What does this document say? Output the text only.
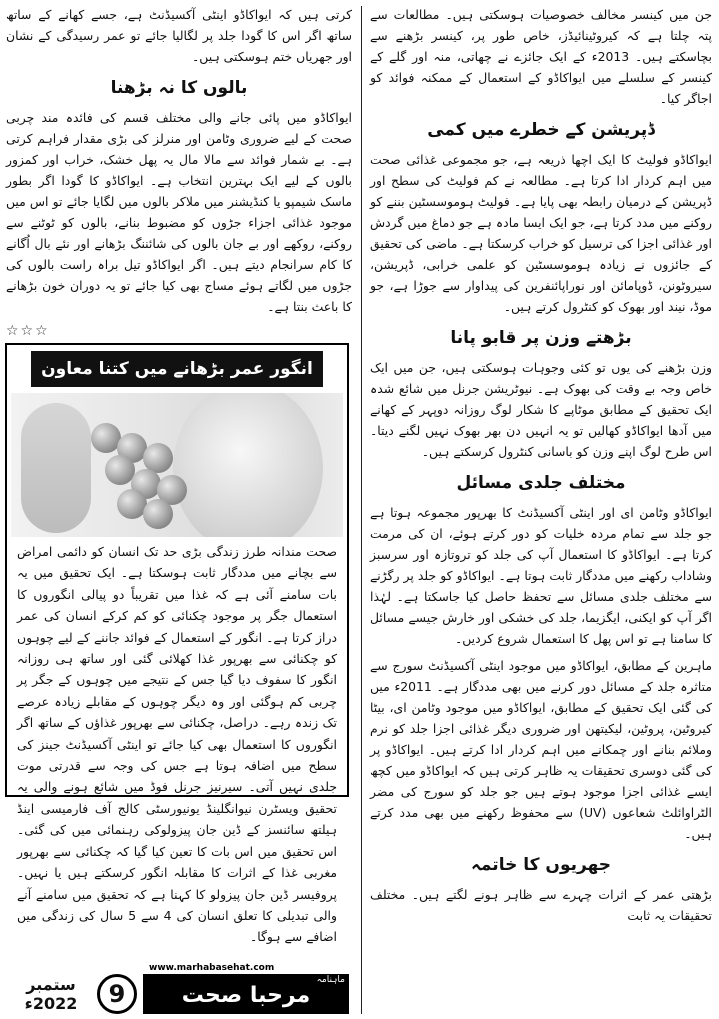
جن میں کینسر مخالف خصوصیات ہوسکتی ہیں۔ مطالعات سے پتہ چلتا ہے کہ کیروٹینائیڈز، خاص طور پر، کینسر بڑھنے سے بچاسکتے ہیں۔ 2013ء کے ایک جائزے نے چھاتی، منہ اور گلے کے کینسر کے سلسلے میں ایواکاڈو کے استعمال کے ممکنہ فوائد کو اجاگر کیا۔

ڈپریشن کے خطرے میں کمی

ایواکاڈو فولیٹ کا ایک اچھا ذریعہ ہے، جو مجموعی غذائی صحت میں اہم کردار ادا کرتا ہے۔ مطالعہ نے کم فولیٹ کی سطح اور ڈپریشن کے درمیان رابطہ بھی پایا ہے۔ فولیٹ ہوموسسٹین بننے کو روکنے میں مدد کرتا ہے، جو ایک ایسا مادہ ہے جو دماغ میں گردش اور غذائی اجزا کی ترسیل کو خراب کرسکتا ہے۔ ماضی کی تحقیق کے جائزوں نے زیادہ ہوموسسٹین کو علمی خرابی، ڈپریشن، سیروٹونن، ڈوپامائن اور نوراپائنفرین کی پیداوار سے جوڑا ہے، جو موڈ، نیند اور بھوک کو کنٹرول کرتے ہیں۔

بڑھتے وزن پر قابو پانا

وزن بڑھنے کی یوں تو کئی وجوہات ہوسکتی ہیں، جن میں ایک خاص وجہ بے وقت کی بھوک ہے۔ نیوٹریشن جرنل میں شائع شدہ ایک تحقیق کے مطابق موٹاپے کا شکار لوگ روزانہ دوپہر کے کھانے میں آدھا ایواکاڈو کھالیں تو یہ انہیں دن بھر بھوک نہیں لگنے دیتا۔ اس طرح لوگ اپنے وزن کو باسانی کنٹرول کرسکتے ہیں۔

مختلف جلدی مسائل

ایواکاڈو وٹامن ای اور اینٹی آکسیڈنٹ کا بھرپور مجموعہ ہوتا ہے جو جلد سے تمام مردہ خلیات کو دور کرتے ہوئے، ان کی مرمت کرتا ہے۔ ایواکاڈو کا استعمال آپ کی جلد کو تروتازہ اور سرسبز وشاداب رکھنے میں مددگار ثابت ہوتا ہے۔ ایواکاڈو کو جلد پر رگڑنے سے مختلف جلدی مسائل سے تحفظ حاصل کیا جاسکتا ہے۔ لہٰذا اگر آپ کو ایکنی، ایگزیما، جلد کی خشکی اور خارش جیسے مسائل کا سامنا ہے تو اس پھل کا استعمال شروع کردیں۔

ماہرین کے مطابق، ایواکاڈو میں موجود اینٹی آکسیڈنٹ سورج سے متاثرہ جلد کے مسائل دور کرنے میں بھی مددگار ہے۔ 2011ء میں کی گئی ایک تحقیق کے مطابق، ایواکاڈو میں موجود وٹامن ای، بیٹا کیروٹین، پروٹین، لیکیتھن اور ضروری دیگر غذائی اجزا جلد کو نرم وملائم بنانے اور چمکانے میں اہم کردار ادا کرتے ہیں۔ ایواکاڈو پر کی گئی دوسری تحقیقات یہ ظاہر کرتی ہیں کہ ایواکاڈو میں کچھ ایسے غذائی اجزا موجود ہوتے ہیں جو جلد کو سورج کی مضر الٹراوائلٹ شعاعوں (UV) سے محفوظ رکھنے میں بھی مدد کرتے ہیں۔

جھریوں کا خاتمہ

بڑھتی عمر کے اثرات چہرے سے ظاہر ہونے لگتے ہیں۔ مختلف تحقیقات یہ ثابت

کرتی ہیں کہ ایواکاڈو اینٹی آکسیڈنٹ ہے، جسے کھانے کے ساتھ ساتھ اگر اس کا گودا جلد پر لگالیا جائے تو عمر رسیدگی کے نشان اور جھریاں ختم ہوسکتی ہیں۔

بالوں کا نہ بڑھنا

ایواکاڈو میں پائی جانے والی مختلف قسم کی فائدہ مند چربی صحت کے لیے ضروری وٹامن اور منرلز کی بڑی مقدار فراہم کرتی ہے۔ بے شمار فوائد سے مالا مال یہ پھل خشک، خراب اور کمزور بالوں کے لیے ایک بہترین انتخاب ہے۔ ایواکاڈو کا گودا اگر بطور ماسک شیمپو یا کنڈیشنر میں ملاکر بالوں میں لگایا جائے تو اس میں موجود غذائی اجزاء جڑوں کو مضبوط بنانے، بالوں کو ٹوٹنے سے روکنے، روکھے اور بے جان بالوں کی شائننگ بڑھانے اور نئے بال اُگانے کا کام سرانجام دیتے ہیں۔ اگر ایواکاڈو تیل براہ راست بالوں کی جڑوں میں لگاتے ہوئے مساج بھی کیا جائے تو یہ دوران خون بڑھانے کا باعث بنتا ہے۔

☆☆☆
انگور عمر بڑھانے میں کتنا معاون

صحت مندانہ طرز زندگی بڑی حد تک انسان کو دائمی امراض سے بچانے میں مددگار ثابت ہوسکتا ہے۔ ایک تحقیق میں یہ بات سامنے آئی ہے کہ غذا میں تقریباً دو پیالی انگوروں کا استعمال جگر پر موجود چکنائی کو کم کرکے انسان کی عمر دراز کرتا ہے۔ انگور کے استعمال کے فوائد جاننے کے لیے چوہوں کو چکنائی سے بھرپور غذا کھلائی گئی اور ساتھ ہی روزانہ انگور کا سفوف دیا گیا جس کے نتیجے میں چوہوں کے جگر پر چربی کم ہوگئی اور وہ دیگر چوہوں کے مقابلے زیادہ عرصے تک زندہ رہے۔ دراصل، چکنائی سے بھرپور غذاؤں کے ساتھ اگر انگوروں کا استعمال بھی کیا جائے تو اینٹی آکسیڈنٹ جینز کی سطح میں اضافہ ہوتا ہے جس کی وجہ سے قدرتی موت جلدی نہیں آتی۔ سیرنیز جرنل فوڈ میں شائع ہونے والی یہ تحقیق ویسٹرن نیوانگلینڈ یونیورسٹی کالج آف فارمیسی اینڈ ہیلتھ سائنسز کے ڈین جان پیزولوکی رہنمائی میں کی گئی۔ اس تحقیق میں اس بات کا تعین کیا گیا کہ چکنائی سے بھرپور مغربی غذا کے اثرات کا مقابلہ انگور کرسکتے ہیں یا نہیں۔ پروفیسر ڈین جان پیزولو کا کہنا ہے کہ تحقیق میں سامنے آنے والی تبدیلی کا تعلق انسان کی 4 سے 5 سال کی زندگی میں اضافے سے ہوگا۔

ستمبر 2022ء	9	مرحبا صحت
ماہنامہ
www.marhabasehat.com
